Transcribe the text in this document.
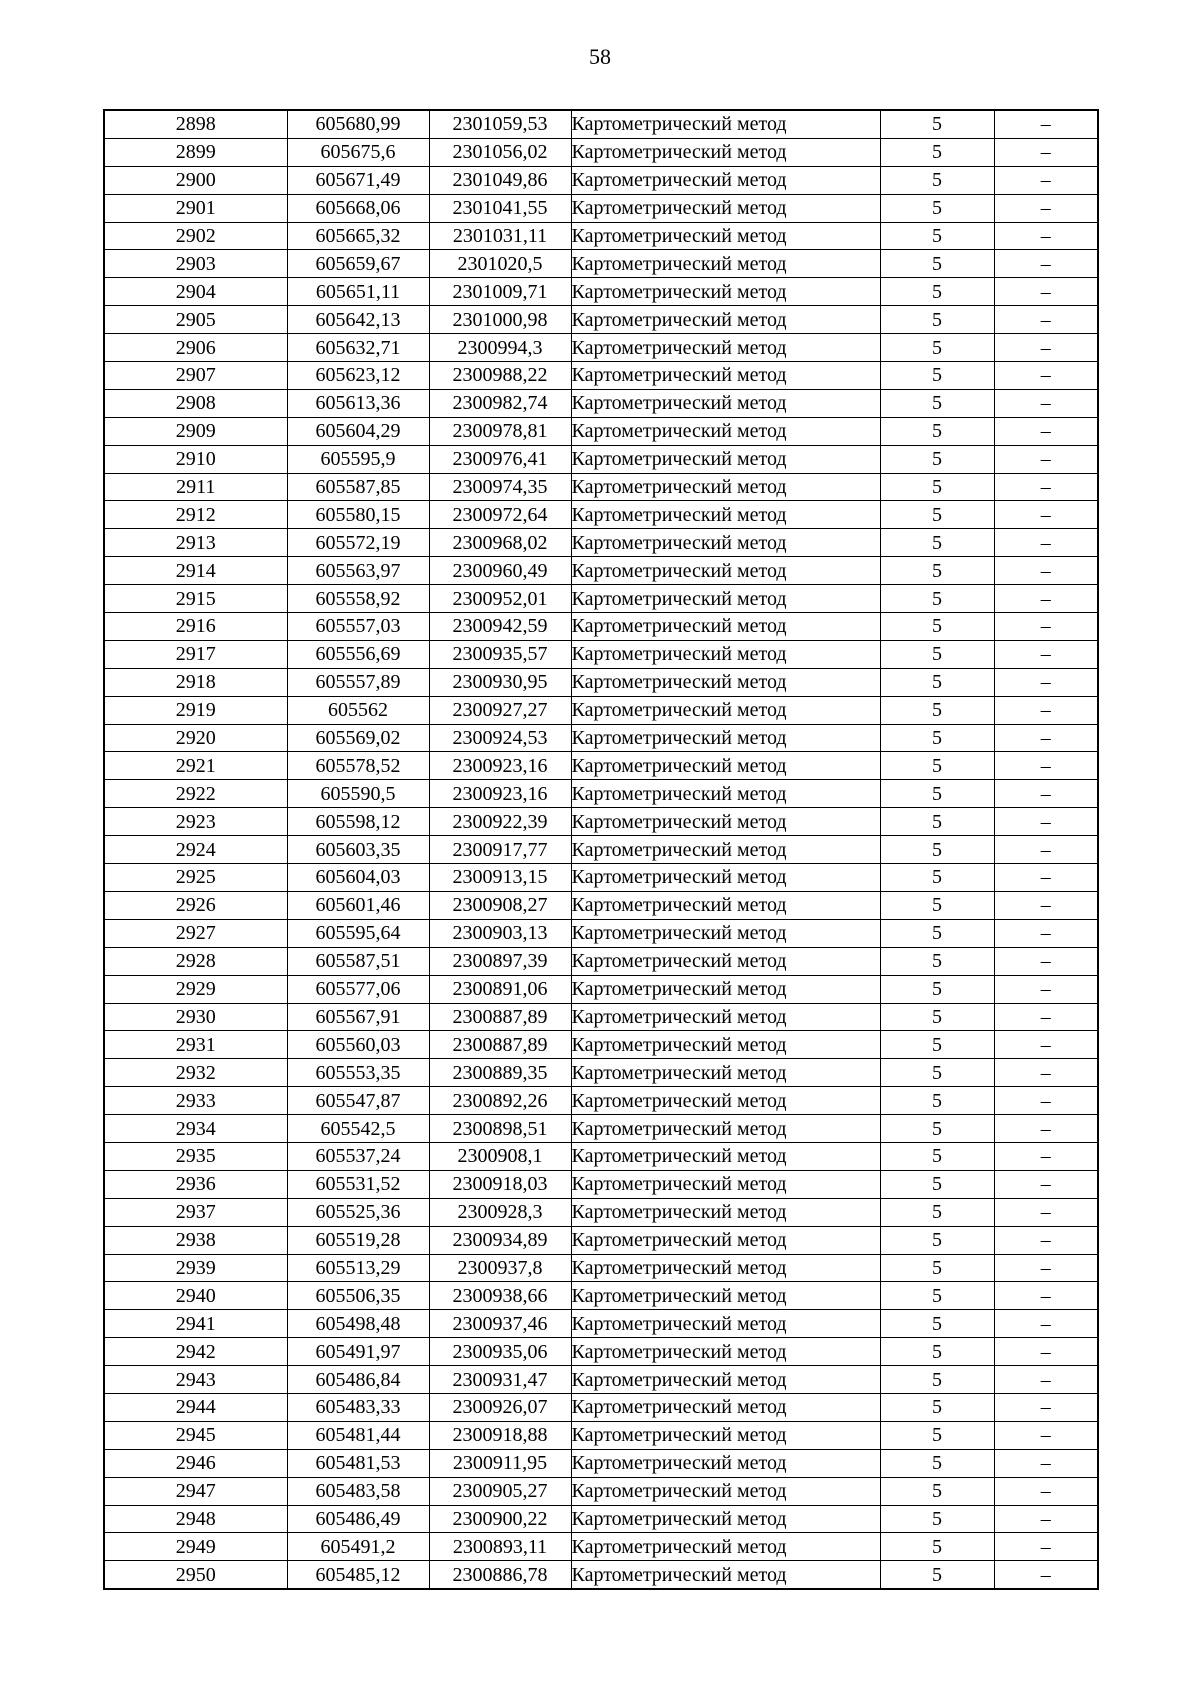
58
2898	605680,99	2301059,53	Картометрический метод	5	–
2899	605675,6	2301056,02	Картометрический метод	5	–
2900	605671,49	2301049,86	Картометрический метод	5	–
2901	605668,06	2301041,55	Картометрический метод	5	–
2902	605665,32	2301031,11	Картометрический метод	5	–
2903	605659,67	2301020,5	Картометрический метод	5	–
2904	605651,11	2301009,71	Картометрический метод	5	–
2905	605642,13	2301000,98	Картометрический метод	5	–
2906	605632,71	2300994,3	Картометрический метод	5	–
2907	605623,12	2300988,22	Картометрический метод	5	–
2908	605613,36	2300982,74	Картометрический метод	5	–
2909	605604,29	2300978,81	Картометрический метод	5	–
2910	605595,9	2300976,41	Картометрический метод	5	–
2911	605587,85	2300974,35	Картометрический метод	5	–
2912	605580,15	2300972,64	Картометрический метод	5	–
2913	605572,19	2300968,02	Картометрический метод	5	–
2914	605563,97	2300960,49	Картометрический метод	5	–
2915	605558,92	2300952,01	Картометрический метод	5	–
2916	605557,03	2300942,59	Картометрический метод	5	–
2917	605556,69	2300935,57	Картометрический метод	5	–
2918	605557,89	2300930,95	Картометрический метод	5	–
2919	605562	2300927,27	Картометрический метод	5	–
2920	605569,02	2300924,53	Картометрический метод	5	–
2921	605578,52	2300923,16	Картометрический метод	5	–
2922	605590,5	2300923,16	Картометрический метод	5	–
2923	605598,12	2300922,39	Картометрический метод	5	–
2924	605603,35	2300917,77	Картометрический метод	5	–
2925	605604,03	2300913,15	Картометрический метод	5	–
2926	605601,46	2300908,27	Картометрический метод	5	–
2927	605595,64	2300903,13	Картометрический метод	5	–
2928	605587,51	2300897,39	Картометрический метод	5	–
2929	605577,06	2300891,06	Картометрический метод	5	–
2930	605567,91	2300887,89	Картометрический метод	5	–
2931	605560,03	2300887,89	Картометрический метод	5	–
2932	605553,35	2300889,35	Картометрический метод	5	–
2933	605547,87	2300892,26	Картометрический метод	5	–
2934	605542,5	2300898,51	Картометрический метод	5	–
2935	605537,24	2300908,1	Картометрический метод	5	–
2936	605531,52	2300918,03	Картометрический метод	5	–
2937	605525,36	2300928,3	Картометрический метод	5	–
2938	605519,28	2300934,89	Картометрический метод	5	–
2939	605513,29	2300937,8	Картометрический метод	5	–
2940	605506,35	2300938,66	Картометрический метод	5	–
2941	605498,48	2300937,46	Картометрический метод	5	–
2942	605491,97	2300935,06	Картометрический метод	5	–
2943	605486,84	2300931,47	Картометрический метод	5	–
2944	605483,33	2300926,07	Картометрический метод	5	–
2945	605481,44	2300918,88	Картометрический метод	5	–
2946	605481,53	2300911,95	Картометрический метод	5	–
2947	605483,58	2300905,27	Картометрический метод	5	–
2948	605486,49	2300900,22	Картометрический метод	5	–
2949	605491,2	2300893,11	Картометрический метод	5	–
2950	605485,12	2300886,78	Картометрический метод	5	–
